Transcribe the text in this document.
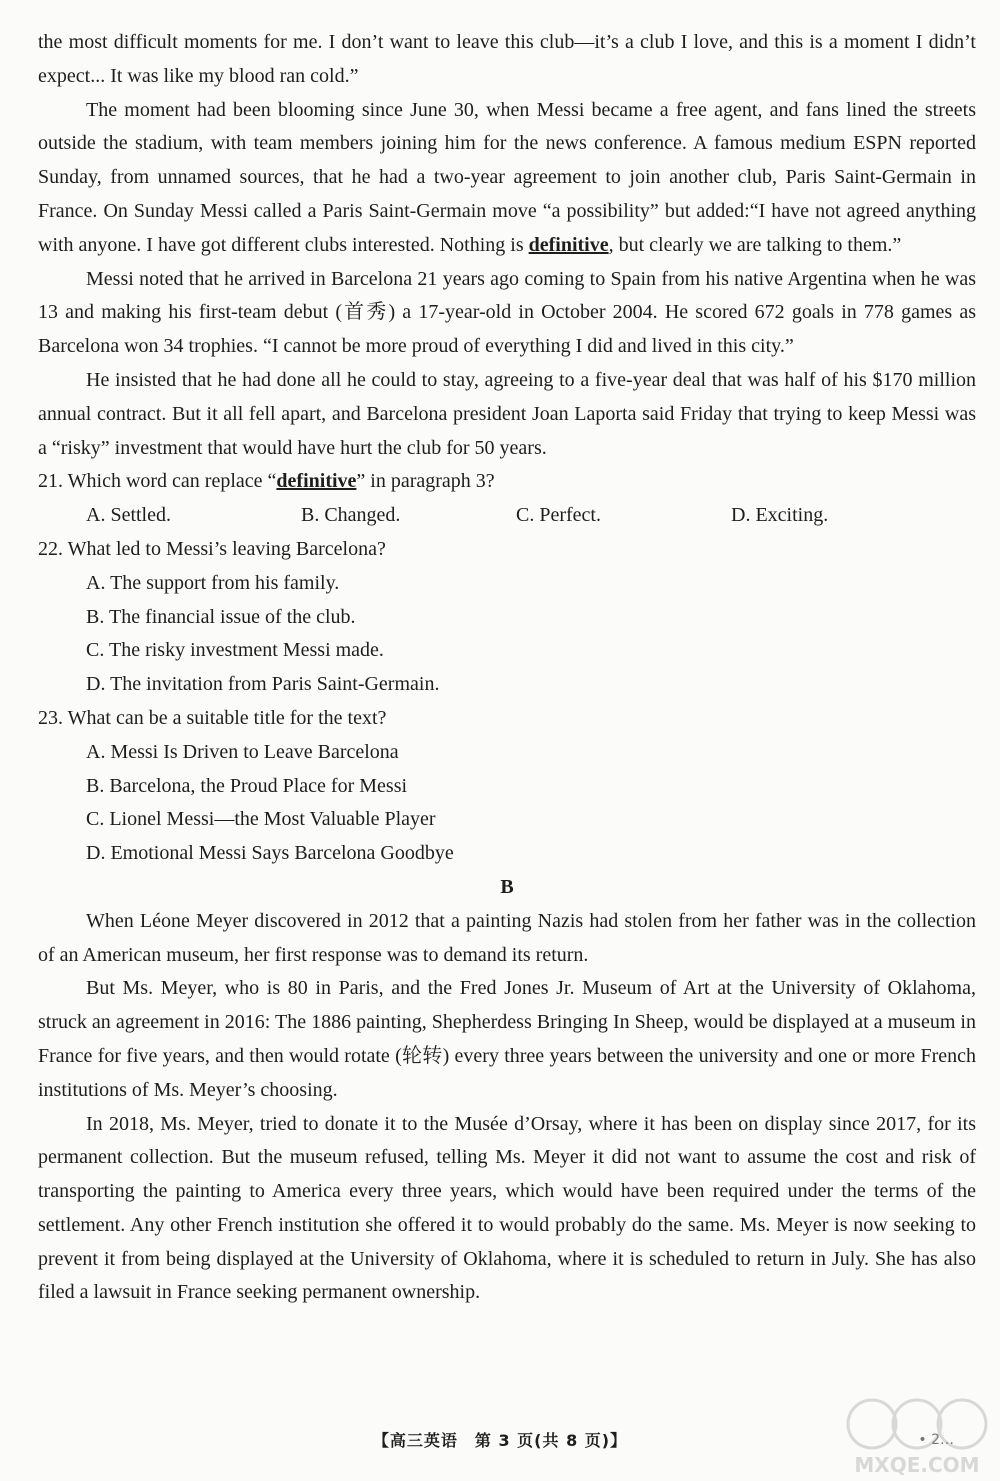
the most difficult moments for me. I don’t want to leave this club—it’s a club I love, and this is a moment I didn’t expect... It was like my blood ran cold.”

The moment had been blooming since June 30, when Messi became a free agent, and fans lined the streets outside the stadium, with team members joining him for the news conference. A famous medium ESPN reported Sunday, from unnamed sources, that he had a two-year agreement to join another club, Paris Saint-Germain in France. On Sunday Messi called a Paris Saint-Germain move “a possibility” but added:“I have not agreed anything with anyone. I have got different clubs interested. Nothing is definitive, but clearly we are talking to them.”

Messi noted that he arrived in Barcelona 21 years ago coming to Spain from his native Argentina when he was 13 and making his first-team debut (首秀) a 17-year-old in October 2004. He scored 672 goals in 778 games as Barcelona won 34 trophies. “I cannot be more proud of everything I did and lived in this city.”

He insisted that he had done all he could to stay, agreeing to a five-year deal that was half of his $170 million annual contract. But it all fell apart, and Barcelona president Joan Laporta said Friday that trying to keep Messi was a “risky” investment that would have hurt the club for 50 years.

21. Which word can replace “definitive” in paragraph 3?

A. Settled.	B. Changed.	C. Perfect.	D. Exciting.

22. What led to Messi’s leaving Barcelona?

A. The support from his family.
B. The financial issue of the club.
C. The risky investment Messi made.
D. The invitation from Paris Saint-Germain.

23. What can be a suitable title for the text?

A. Messi Is Driven to Leave Barcelona
B. Barcelona, the Proud Place for Messi
C. Lionel Messi—the Most Valuable Player
D. Emotional Messi Says Barcelona Goodbye
B

When Léone Meyer discovered in 2012 that a painting Nazis had stolen from her father was in the collection of an American museum, her first response was to demand its return.

But Ms. Meyer, who is 80 in Paris, and the Fred Jones Jr. Museum of Art at the University of Oklahoma, struck an agreement in 2016: The 1886 painting, Shepherdess Bringing In Sheep, would be displayed at a museum in France for five years, and then would rotate (轮转) every three years between the university and one or more French institutions of Ms. Meyer’s choosing.

In 2018, Ms. Meyer, tried to donate it to the Musée d’Orsay, where it has been on display since 2017, for its permanent collection. But the museum refused, telling Ms. Meyer it did not want to assume the cost and risk of transporting the painting to America every three years, which would have been required under the terms of the settlement. Any other French institution she offered it to would probably do the same. Ms. Meyer is now seeking to prevent it from being displayed at the University of Oklahoma, where it is scheduled to return in July. She has also filed a lawsuit in France seeking permanent ownership.

【高三英语　第 3 页(共 8 页)】	• 2…
MXQE.COM
